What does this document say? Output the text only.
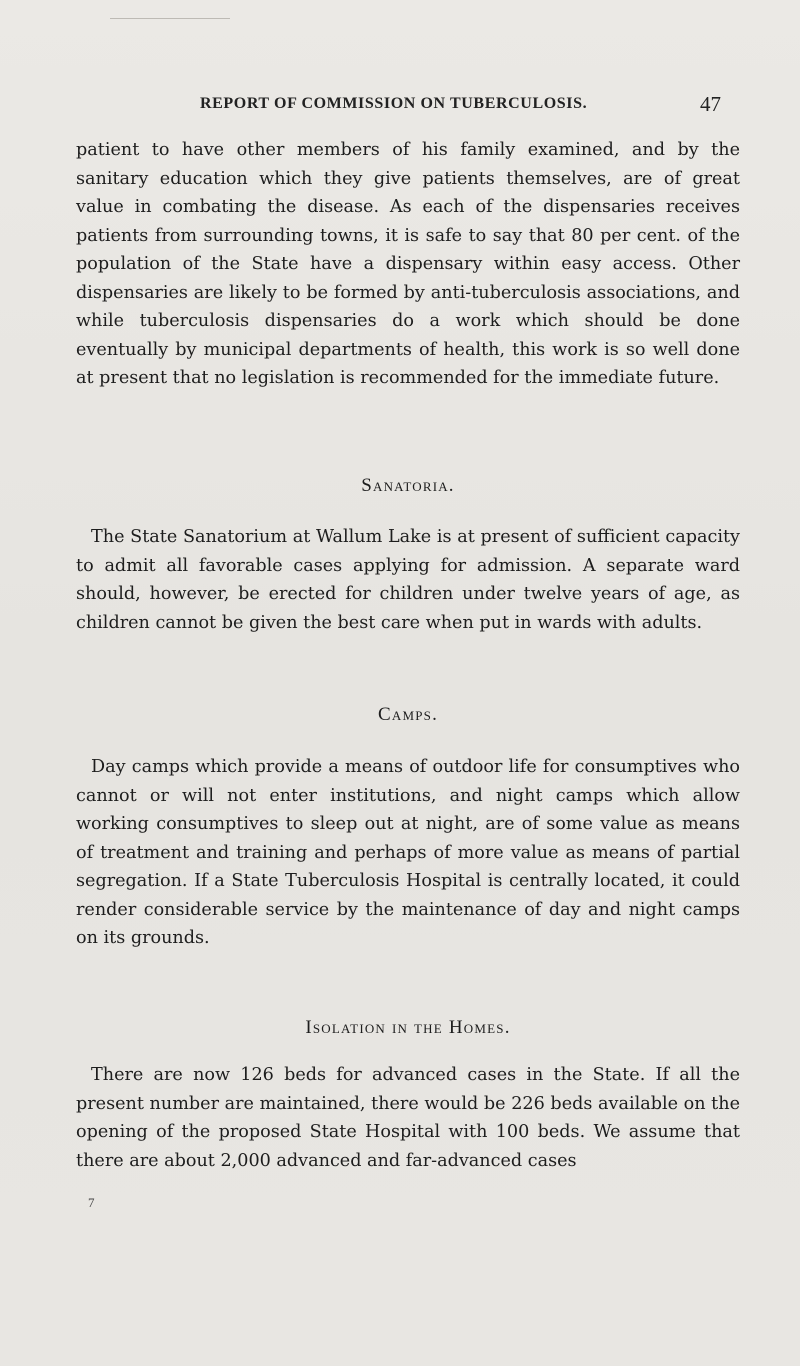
REPORT OF COMMISSION ON TUBERCULOSIS.	47

patient to have other members of his family examined, and by the sanitary education which they give patients themselves, are of great value in combating the disease. As each of the dispensaries receives patients from surrounding towns, it is safe to say that 80 per cent. of the population of the State have a dispensary within easy access. Other dispensaries are likely to be formed by anti-tuberculosis associations, and while tuberculosis dispensaries do a work which should be done eventually by municipal departments of health, this work is so well done at present that no legislation is recommended for the immediate future.

Sanatoria.

The State Sanatorium at Wallum Lake is at present of sufficient capacity to admit all favorable cases applying for admission. A separate ward should, however, be erected for children under twelve years of age, as children cannot be given the best care when put in wards with adults.

Camps.

Day camps which provide a means of outdoor life for consumptives who cannot or will not enter institutions, and night camps which allow working consumptives to sleep out at night, are of some value as means of treatment and training and perhaps of more value as means of partial segregation. If a State Tuberculosis Hospital is centrally located, it could render considerable service by the maintenance of day and night camps on its grounds.

Isolation in the Homes.

There are now 126 beds for advanced cases in the State. If all the present number are maintained, there would be 226 beds available on the opening of the proposed State Hospital with 100 beds. We assume that there are about 2,000 advanced and far-advanced cases

7
